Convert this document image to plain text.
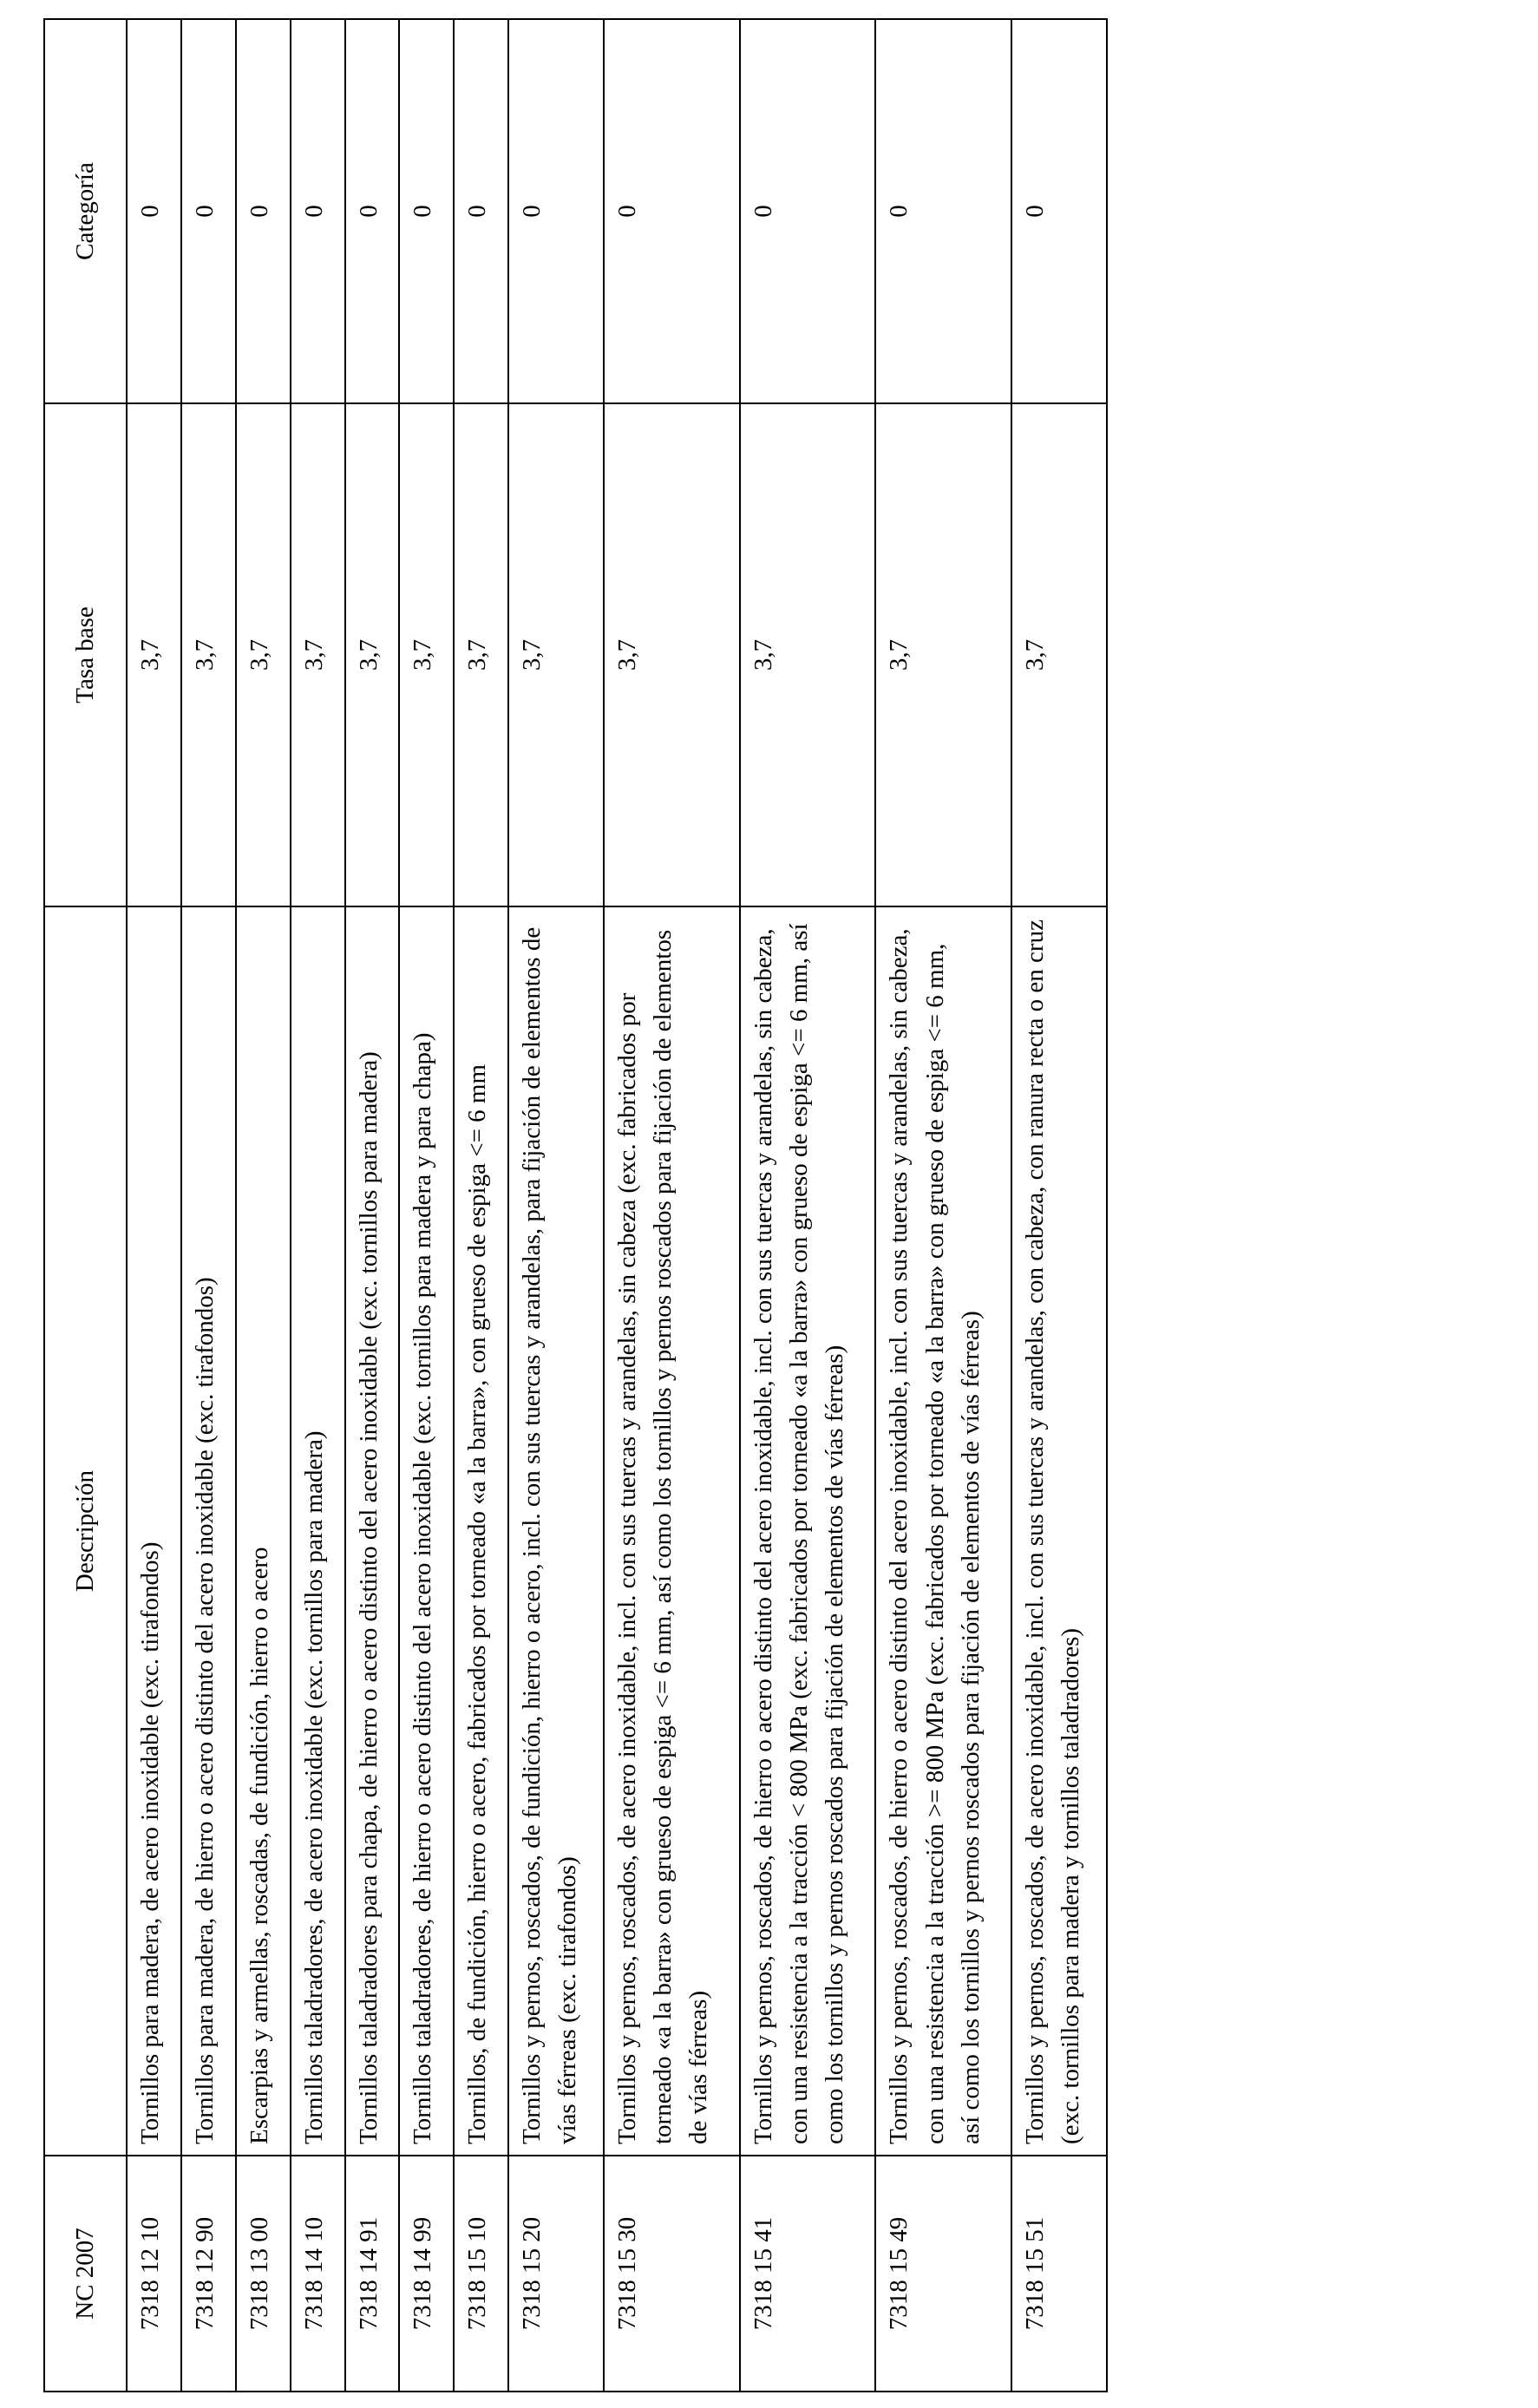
NC 2007	Descripción	Tasa base	Categoría
7318 12 10	Tornillos para madera, de acero inoxidable (exc. tirafondos)	3,7	0
7318 12 90	Tornillos para madera, de hierro o acero distinto del acero inoxidable (exc. tirafondos)	3,7	0
7318 13 00	Escarpias y armellas, roscadas, de fundición, hierro o acero	3,7	0
7318 14 10	Tornillos taladradores, de acero inoxidable (exc. tornillos para madera)	3,7	0
7318 14 91	Tornillos taladradores para chapa, de hierro o acero distinto del acero inoxidable (exc. tornillos para madera)	3,7	0
7318 14 99	Tornillos taladradores, de hierro o acero distinto del acero inoxidable (exc. tornillos para madera y para chapa)	3,7	0
7318 15 10	Tornillos, de fundición, hierro o acero, fabricados por torneado «a la barra», con grueso de espiga <= 6 mm	3,7	0
7318 15 20	Tornillos y pernos, roscados, de fundición, hierro o acero, incl. con sus tuercas y arandelas, para fijación de elementos de vías férreas (exc. tirafondos)	3,7	0
7318 15 30	Tornillos y pernos, roscados, de acero inoxidable, incl. con sus tuercas y arandelas, sin cabeza (exc. fabricados por torneado «a la barra» con grueso de espiga <= 6 mm, así como los tornillos y pernos roscados para fijación de elementos de vías férreas)	3,7	0
7318 15 41	Tornillos y pernos, roscados, de hierro o acero distinto del acero inoxidable, incl. con sus tuercas y arandelas, sin cabeza, con una resistencia a la tracción < 800 MPa (exc. fabricados por torneado «a la barra» con grueso de espiga <= 6 mm, así como los tornillos y pernos roscados para fijación de elementos de vías férreas)	3,7	0
7318 15 49	Tornillos y pernos, roscados, de hierro o acero distinto del acero inoxidable, incl. con sus tuercas y arandelas, sin cabeza, con una resistencia a la tracción >= 800 MPa (exc. fabricados por torneado «a la barra» con grueso de espiga <= 6 mm, así como los tornillos y pernos roscados para fijación de elementos de vías férreas)	3,7	0
7318 15 51	Tornillos y pernos, roscados, de acero inoxidable, incl. con sus tuercas y arandelas, con cabeza, con ranura recta o en cruz (exc. tornillos para madera y tornillos taladradores)	3,7	0
